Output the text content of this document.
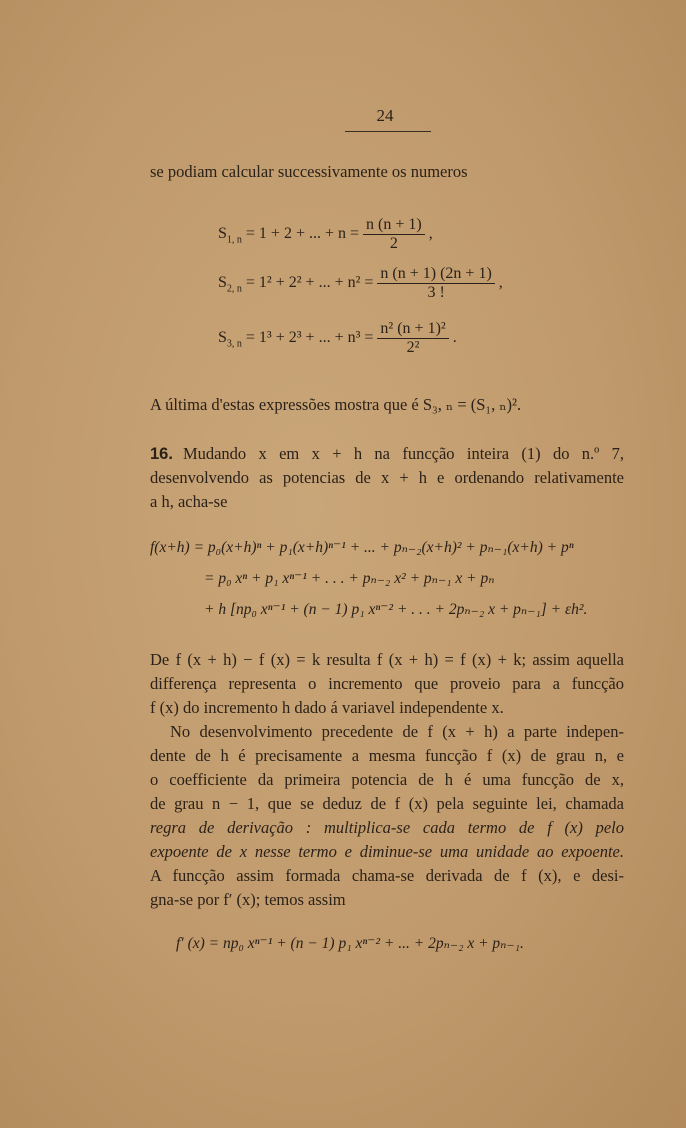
24
se podiam calcular successivamente os numeros
$S_{1, n} = 1 + 2$ + ... + $n = \frac{n (n + 1)}{2}$ ,
$S_{2, n} = 1^2 + 2^2$ + ... + $n^2 = \frac{n (n + 1) (2n + 1)}{3 !}$ ,
$S_{3, n} = 1^3 + 2^3$ + ... + $n^3 = \frac{\text{n² (n + 1)²}}{\text{2²}}$ .
A última d'estas expressões mostra que é S₃, ₙ = (S₁, ₙ)².
16. Mudando x em x + h na funcção inteira (1) do n.º 7,
desenvolvendo as potencias de x + h e ordenando relativamente
a h, acha-se
f(x+h) = p₀(x+h)ⁿ + p₁(x+h)ⁿ⁻¹ + ... + pₙ₋₂(x+h)² + pₙ₋₁(x+h) + pⁿ
= p₀ xⁿ + p₁ xⁿ⁻¹ + . . . + pₙ₋₂ x² + pₙ₋₁ x + pₙ
+ h [np₀ xⁿ⁻¹ + (n − 1) p₁ xⁿ⁻² + . . . + 2pₙ₋₂ x + pₙ₋₁] + εh².
De f (x + h) − f (x) = k resulta f (x + h) = f (x) + k; assim aquella
differença representa o incremento que proveio para a funcção
f (x) do incremento h dado á variavel independente x.
No desenvolvimento precedente de f (x + h) a parte indepen-
dente de h é precisamente a mesma funcção f (x) de grau n, e
o coefficiente da primeira potencia de h é uma funcção de x,
de grau n − 1, que se deduz de f (x) pela seguinte lei, chamada
regra de derivação : multiplica-se cada termo de f (x) pelo
expoente de x nesse termo e diminue-se uma unidade ao expoente.
A funcção assim formada chama-se derivada de f (x), e desi-
gna-se por f′ (x); temos assim
f′ (x) = np₀ xⁿ⁻¹ + (n − 1) p₁ xⁿ⁻² + ... + 2pₙ₋₂ x + pₙ₋₁.
